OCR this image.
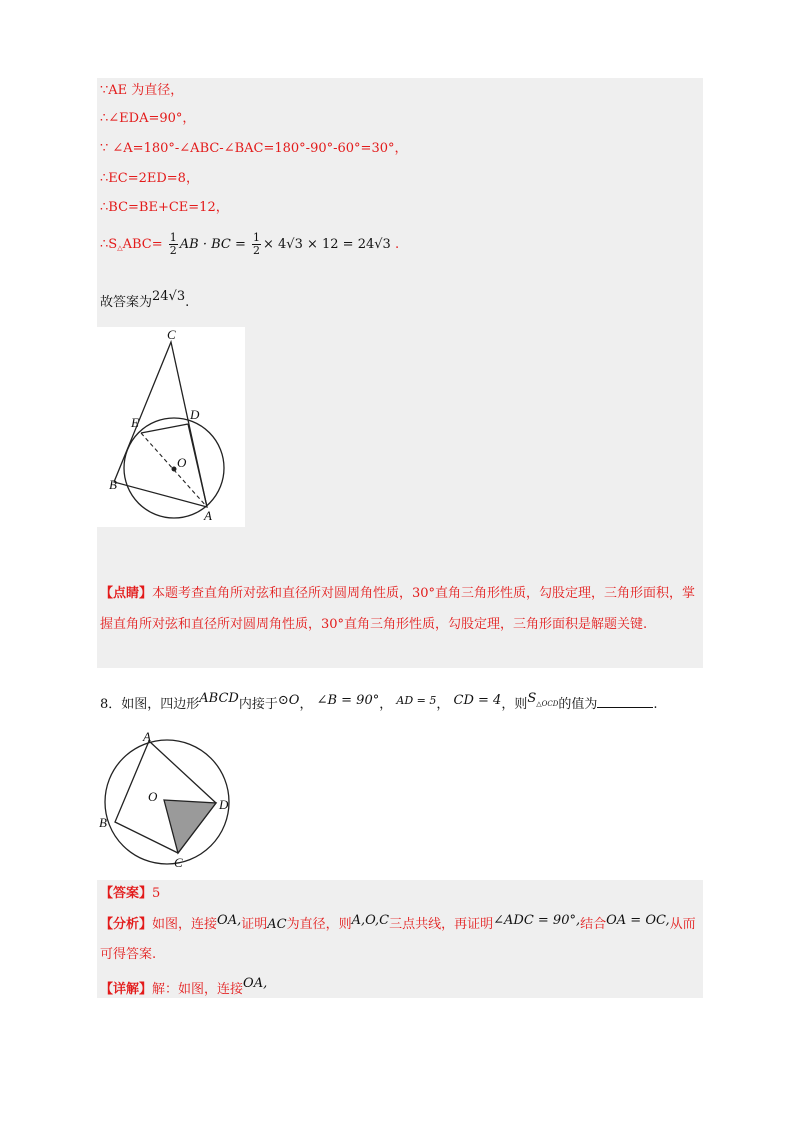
∵AE 为直径，
∴∠EDA=90°，
∵ ∠A=180°-∠ABC-∠BAC=180°-90°-60°=30°，
∴EC=2ED=8，
∴BC=BE+CE=12，
$\therefore S_\triangle ABC= \frac{1}{2}$ AB · BC = $\frac{1}{2} \times 4√3 \times 12 = 24√3$ .
故答案为24√3.
C
E
D
O
B
A
【点睛】本题考查直角所对弦和直径所对圆周角性质，30°直角三角形性质，勾股定理，三角形面积，掌握直角所对弦和直径所对圆周角性质，30°直角三角形性质，勾股定理，三角形面积是解题关键.
8．如图，四边形ABCD内接于⊙O， ∠B = 90°， $^{AD = 5}$， CD = 4，则$S^{\triangle OCD}$的值为	.
A
O
D
B
C
【答案】5
【分析】如图，连接OA,证明AC为直径，则A,O,C三点共线，再证明∠ADC = 90°,结合OA = OC,从而可得答案.
【详解】解：如图，连接OA,
